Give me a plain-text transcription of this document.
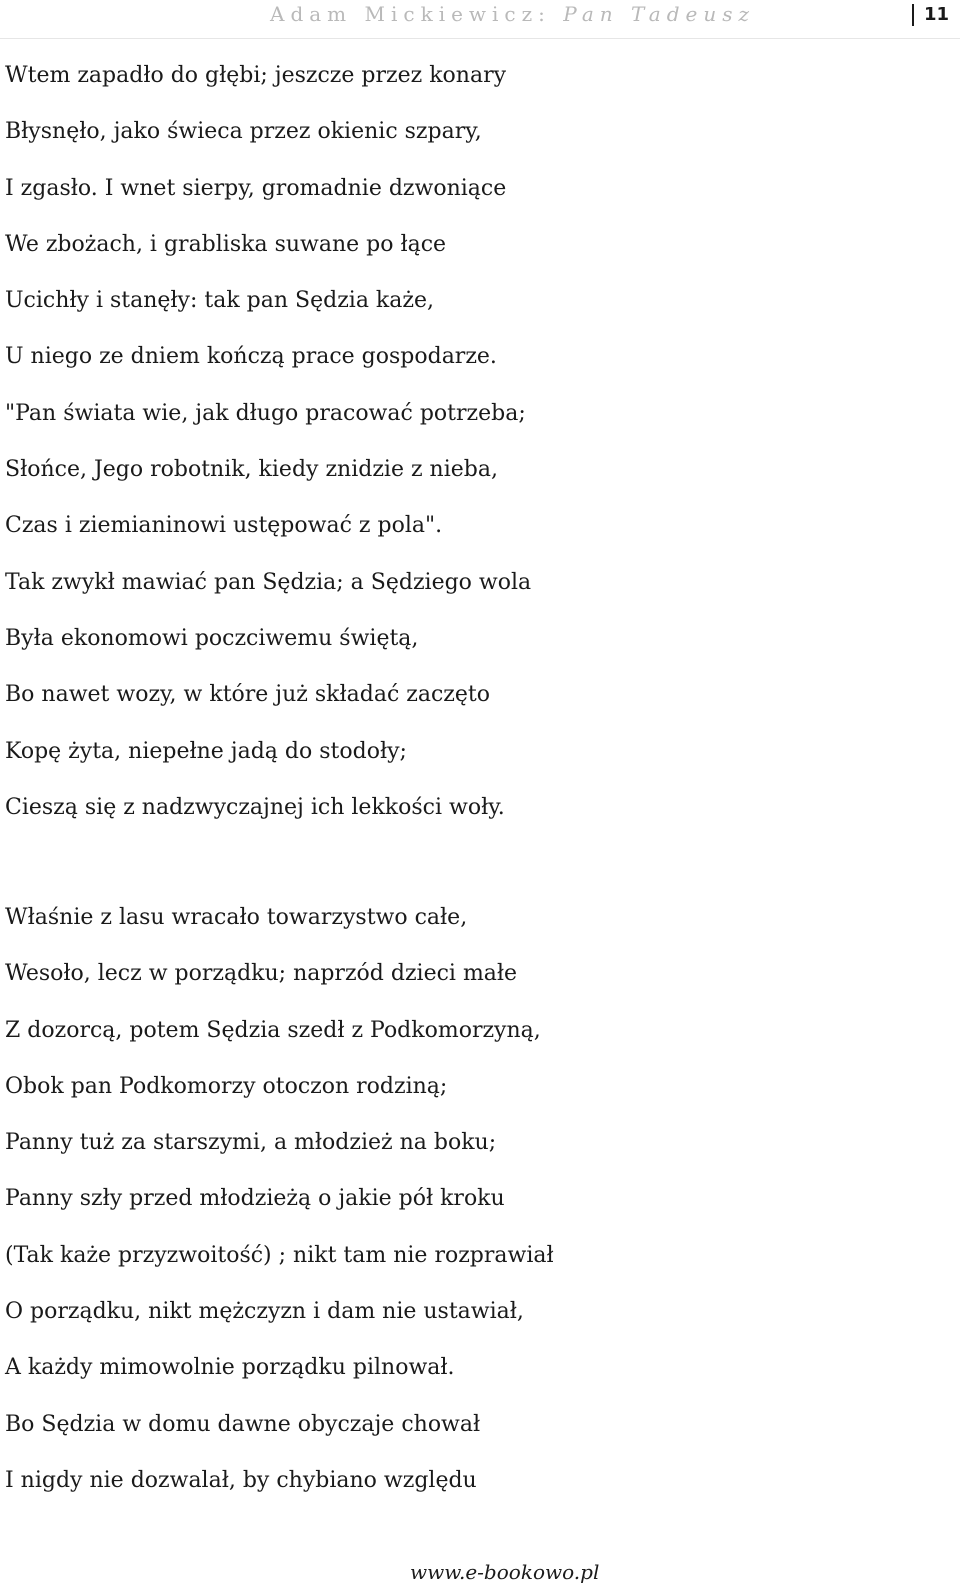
Adam Mickiewicz: Pan Tadeusz	11
Wtem zapadło do głębi; jeszcze przez konary
Błysnęło, jako świeca przez okienic szpary,
I zgasło. I wnet sierpy, gromadnie dzwoniące
We zbożach, i grabliska suwane po łące
Ucichły i stanęły: tak pan Sędzia każe,
U niego ze dniem kończą prace gospodarze.
"Pan świata wie, jak długo pracować potrzeba;
Słońce, Jego robotnik, kiedy znidzie z nieba,
Czas i ziemianinowi ustępować z pola".
Tak zwykł mawiać pan Sędzia; a Sędziego wola
Była ekonomowi poczciwemu świętą,
Bo nawet wozy, w które już składać zaczęto
Kopę żyta, niepełne jadą do stodoły;
Cieszą się z nadzwyczajnej ich lekkości woły.
Właśnie z lasu wracało towarzystwo całe,
Wesoło, lecz w porządku; naprzód dzieci małe
Z dozorcą, potem Sędzia szedł z Podkomorzyną,
Obok pan Podkomorzy otoczon rodziną;
Panny tuż za starszymi, a młodzież na boku;
Panny szły przed młodzieżą o jakie pół kroku
(Tak każe przyzwoitość) ; nikt tam nie rozprawiał
O porządku, nikt mężczyzn i dam nie ustawiał,
A każdy mimowolnie porządku pilnował.
Bo Sędzia w domu dawne obyczaje chował
I nigdy nie dozwalał, by chybiano względu
www.e-bookowo.pl
